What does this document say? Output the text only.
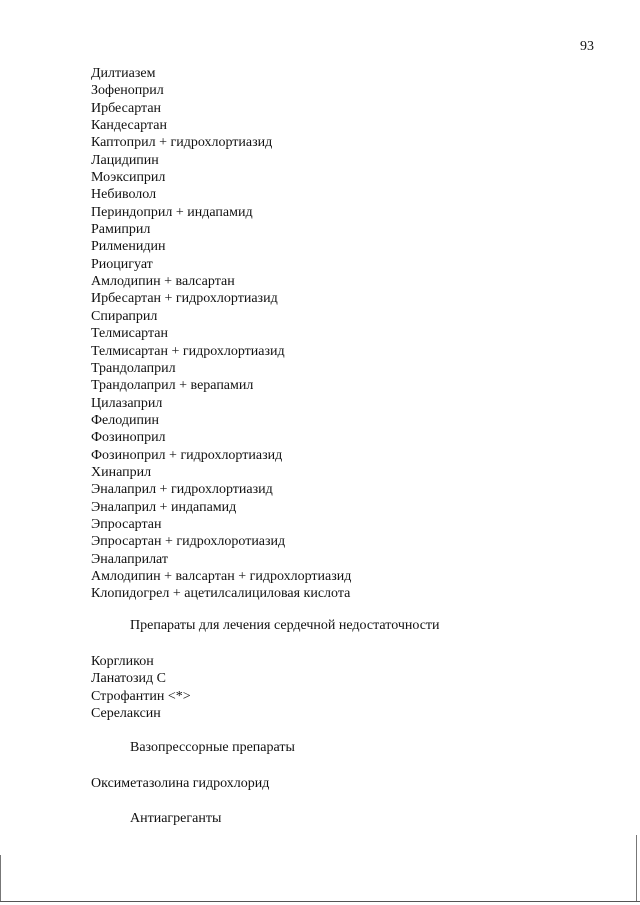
93
Дилтиазем
Зофеноприл
Ирбесартан
Кандесартан
Каптоприл + гидрохлортиазид
Лацидипин
Моэксиприл
Небиволол
Периндоприл + индапамид
Рамиприл
Рилменидин
Риоцигуат
Амлодипин + валсартан
Ирбесартан + гидрохлортиазид
Спираприл
Телмисартан
Телмисартан + гидрохлортиазид
Трандолаприл
Трандолаприл + верапамил
Цилазаприл
Фелодипин
Фозиноприл
Фозиноприл + гидрохлортиазид
Хинаприл
Эналаприл + гидрохлортиазид
Эналаприл + индапамид
Эпросартан
Эпросартан + гидрохлоротиазид
Эналаприлат
Амлодипин + валсартан + гидрохлортиазид
Клопидогрел + ацетилсалициловая кислота
Препараты для лечения сердечной недостаточности
Коргликон
Ланатозид С
Строфантин <*>
Серелаксин
Вазопрессорные препараты
Оксиметазолина гидрохлорид
Антиагреганты
